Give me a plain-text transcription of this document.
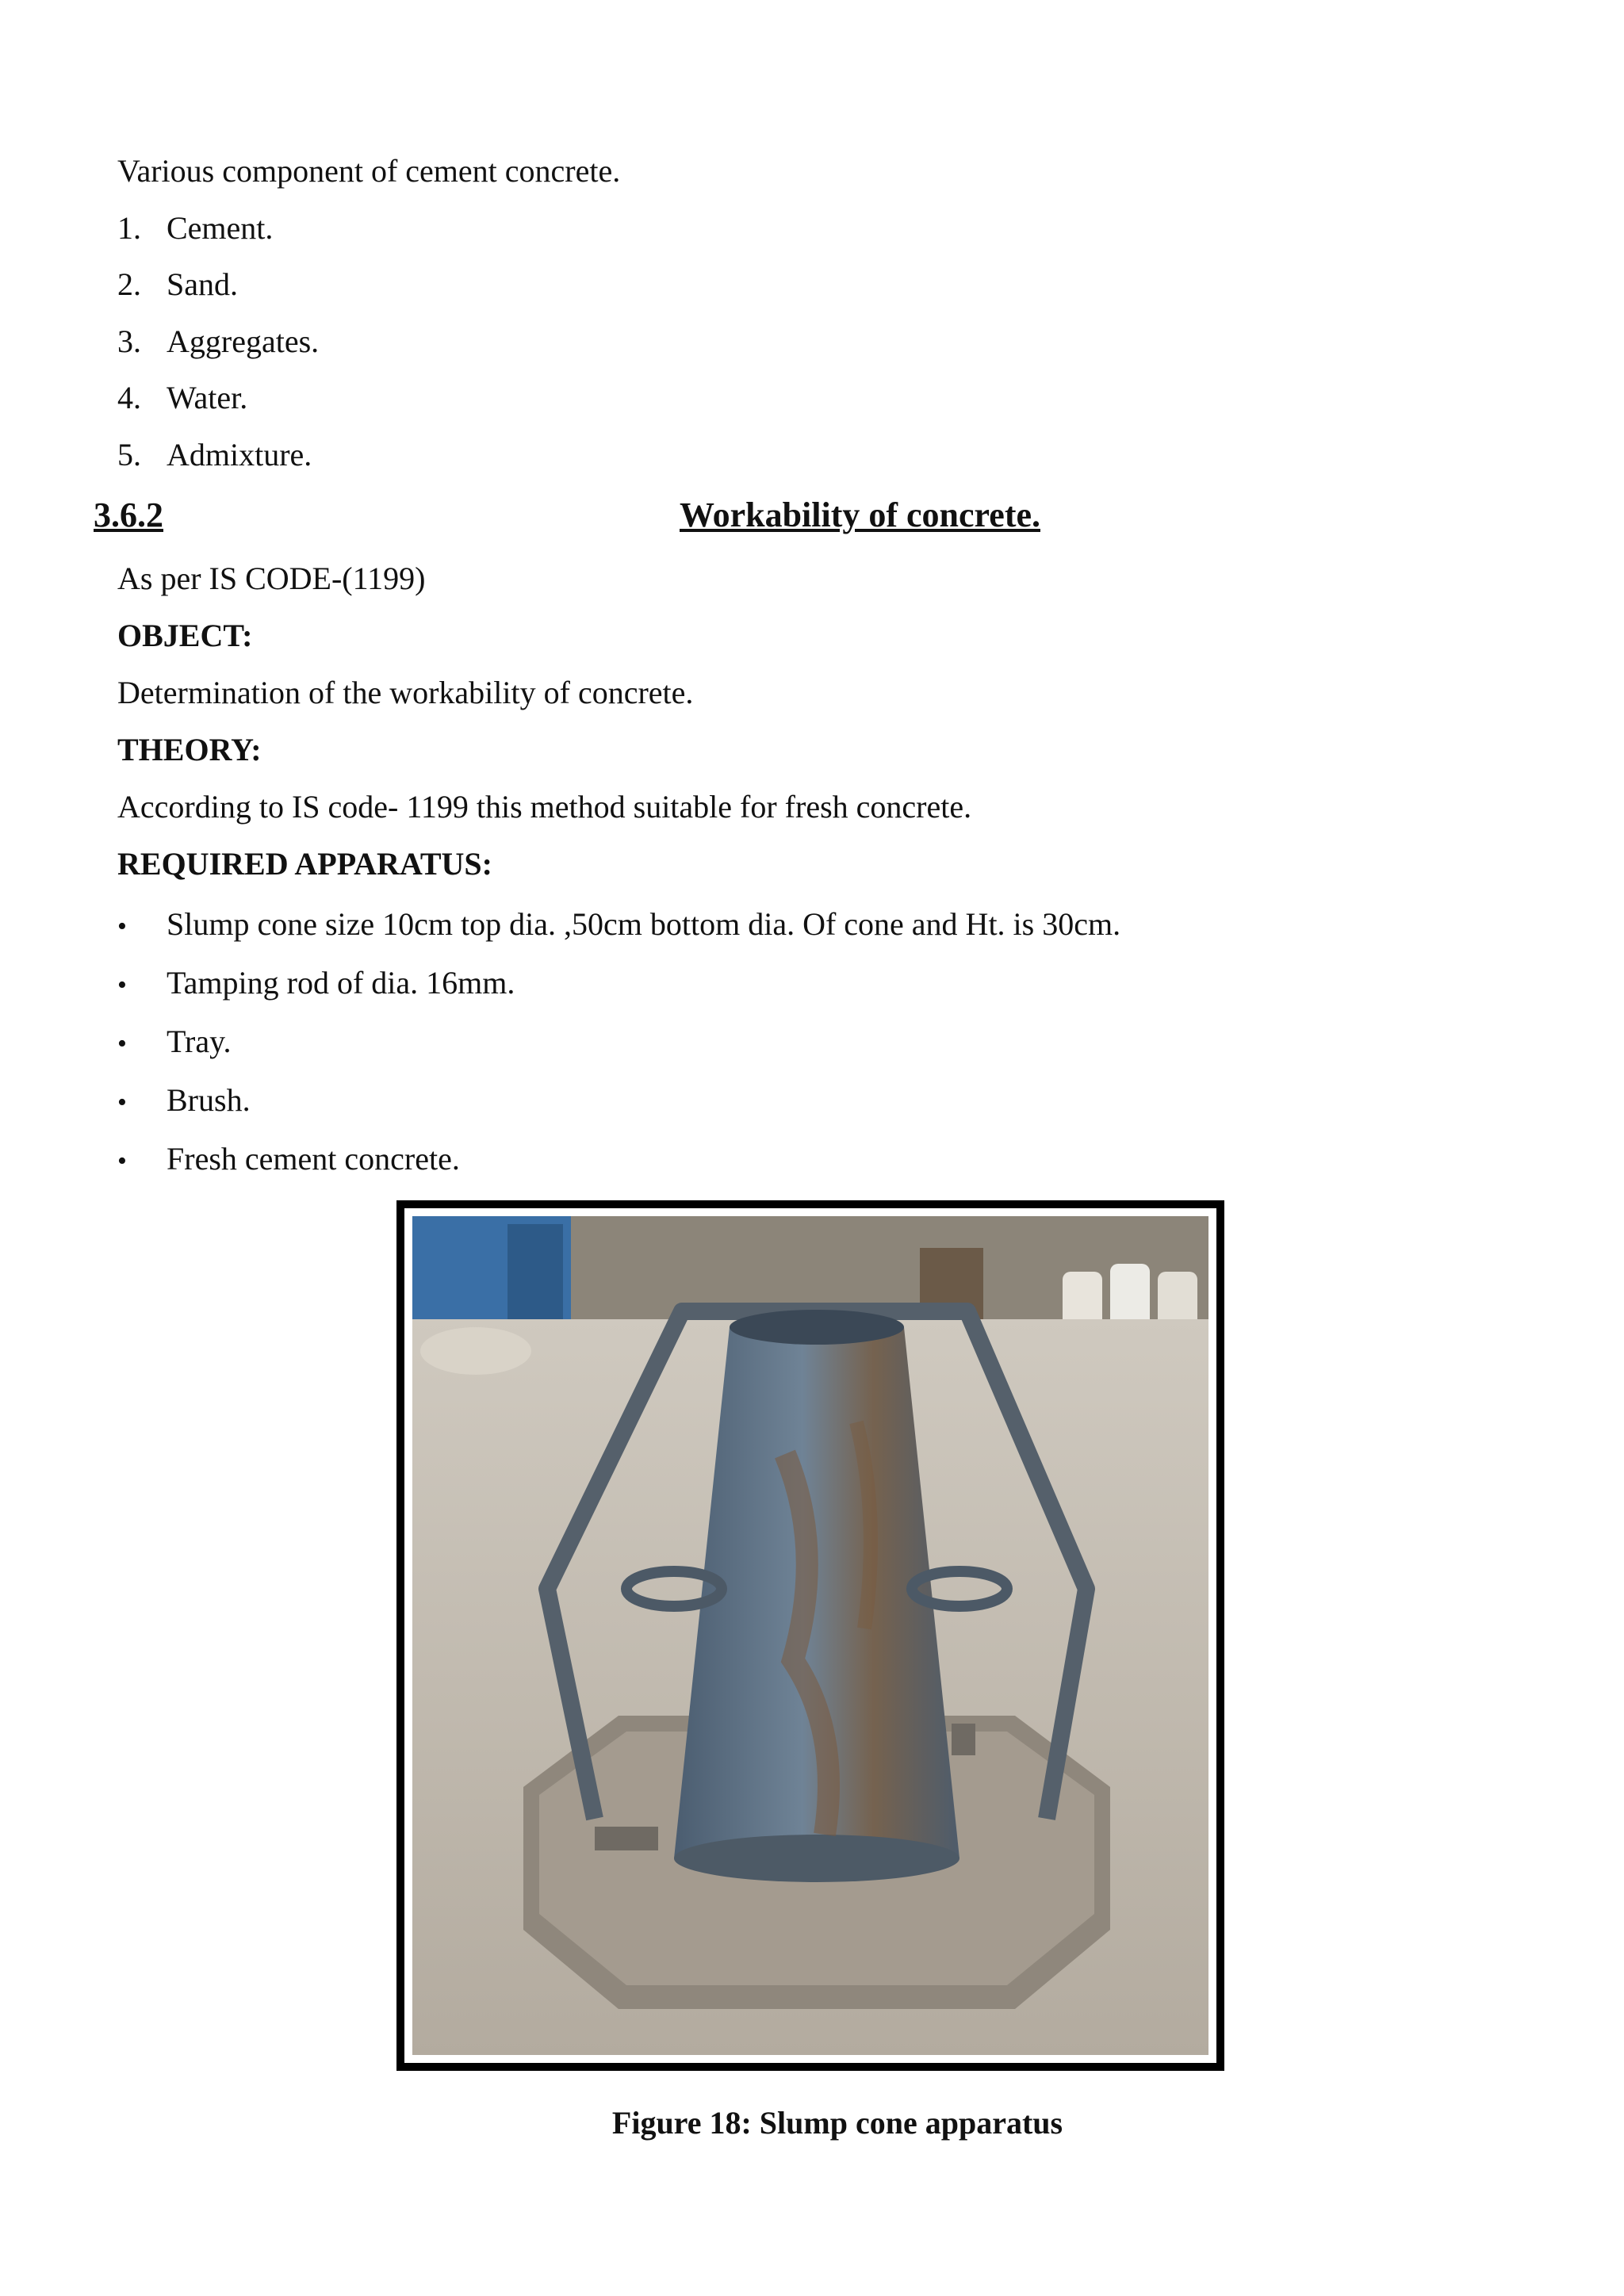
Various component of cement concrete.
1. Cement.
2. Sand.
3. Aggregates.
4. Water.
5. Admixture.
3.6.2	Workability of concrete.
As per IS CODE-(1199)
OBJECT:
Determination of the workability of concrete.
THEORY:
According to IS code- 1199 this method suitable for fresh concrete.
REQUIRED APPARATUS:
• Slump cone size 10cm top dia. ,50cm bottom dia. Of cone and Ht. is 30cm.
• Tamping rod of dia. 16mm.
• Tray.
• Brush.
• Fresh cement concrete.
Figure 18: Slump cone apparatus
